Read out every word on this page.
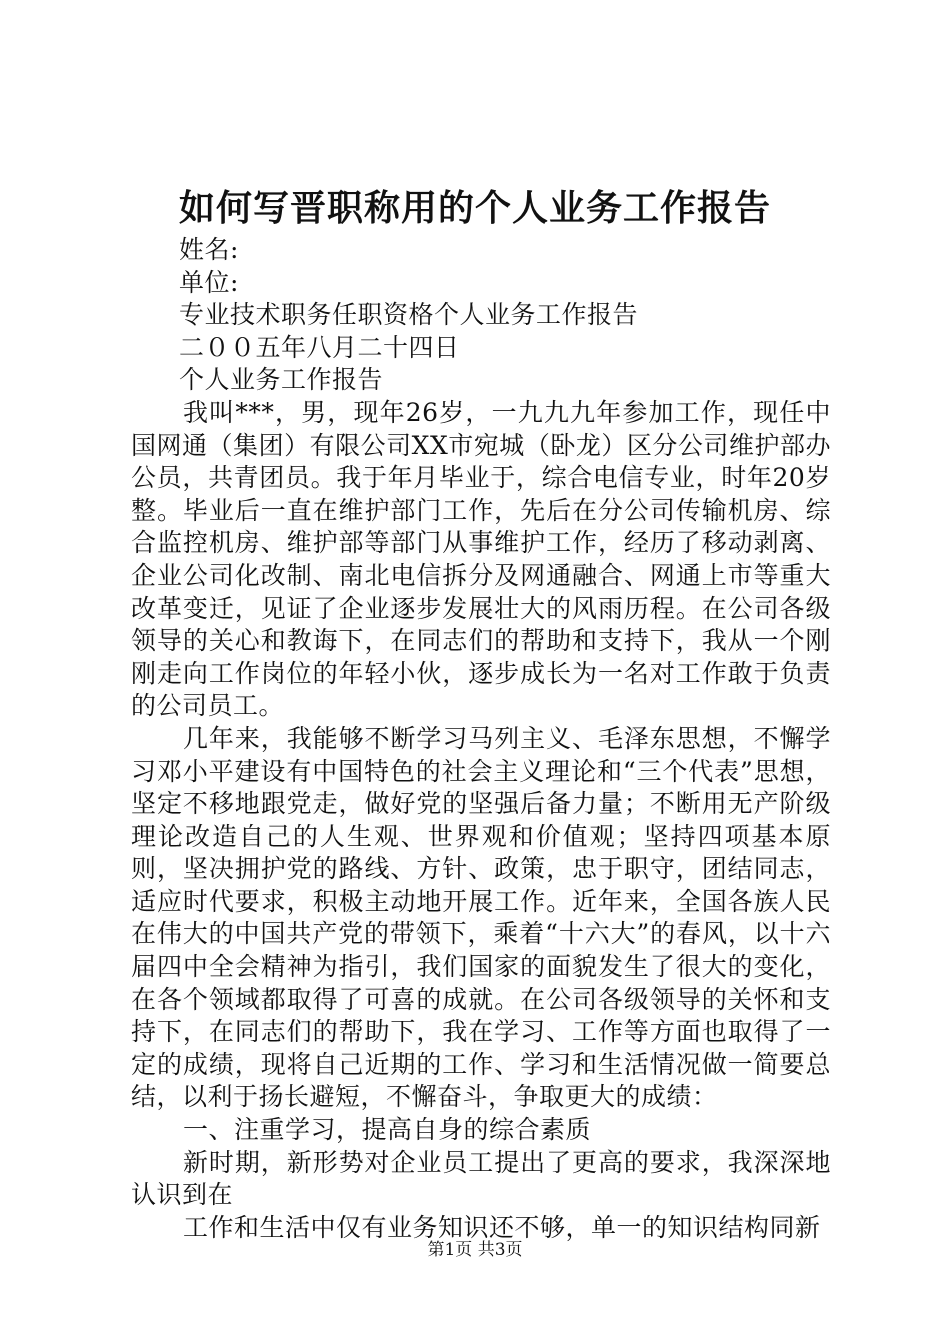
如何写晋职称用的个人业务工作报告

姓名:

单位:

专业技术职务任职资格个人业务工作报告

二００五年八月二十四日

个人业务工作报告

我叫***，男，现年26岁，一九九九年参加工作，现任中国网通（集团）有限公司XX市宛城（卧龙）区分公司维护部办公员，共青团员。我于年月毕业于，综合电信专业，时年20岁整。毕业后一直在维护部门工作，先后在分公司传输机房、综合监控机房、维护部等部门从事维护工作，经历了移动剥离、企业公司化改制、南北电信拆分及网通融合、网通上市等重大改革变迁，见证了企业逐步发展壮大的风雨历程。在公司各级领导的关心和教诲下，在同志们的帮助和支持下，我从一个刚刚走向工作岗位的年轻小伙，逐步成长为一名对工作敢于负责的公司员工。

几年来，我能够不断学习马列主义、毛泽东思想，不懈学习邓小平建设有中国特色的社会主义理论和“三个代表”思想，坚定不移地跟党走，做好党的坚强后备力量；不断用无产阶级理论改造自己的人生观、世界观和价值观；坚持四项基本原则，坚决拥护党的路线、方针、政策，忠于职守，团结同志，适应时代要求，积极主动地开展工作。近年来，全国各族人民在伟大的中国共产党的带领下，乘着“十六大”的春风，以十六届四中全会精神为指引，我们国家的面貌发生了很大的变化，在各个领域都取得了可喜的成就。在公司各级领导的关怀和支持下，在同志们的帮助下，我在学习、工作等方面也取得了一定的成绩，现将自己近期的工作、学习和生活情况做一简要总结，以利于扬长避短，不懈奋斗，争取更大的成绩：

一、注重学习，提高自身的综合素质

新时期，新形势对企业员工提出了更高的要求，我深深地认识到在

工作和生活中仅有业务知识还不够，单一的知识结构同新

第1页 共3页
